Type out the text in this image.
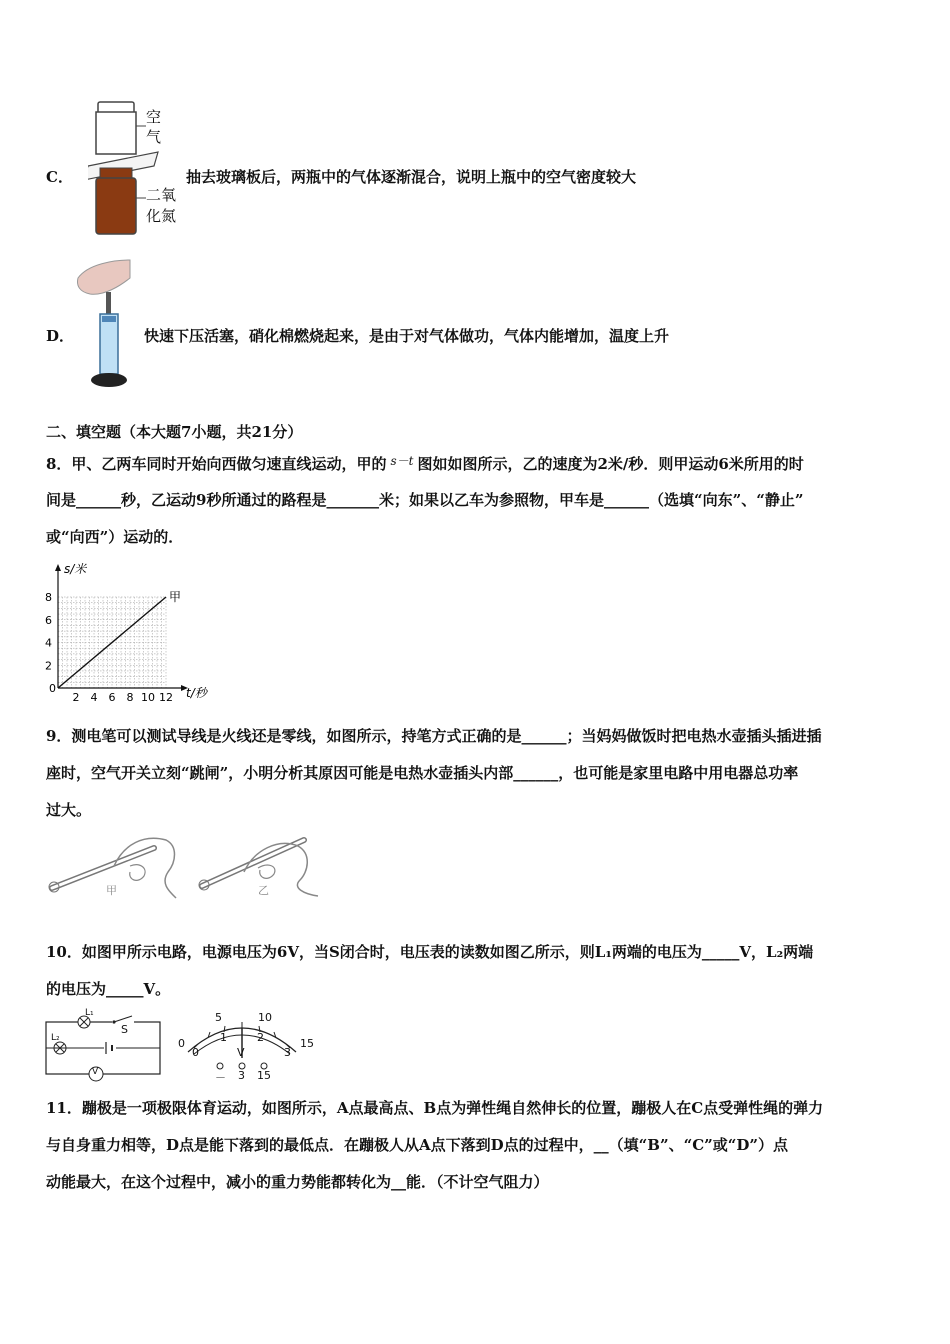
空
气
二氧
化氮
C．	抽去玻璃板后，两瓶中的气体逐渐混合，说明上瓶中的空气密度较大
D．	快速下压活塞，硝化棉燃烧起来，是由于对气体做功，气体内能增加，温度上升
二、填空题（本大题7小题，共21分）
8．甲、乙两车同时开始向西做匀速直线运动，甲的 $^{s-t}$ 图如如图所示，乙的速度为2米/秒．则甲运动6米所用的时
间是______秒，乙运动9秒所通过的路程是_______米；如果以乙车为参照物，甲车是______（选填“向东”、“静止”
或“向西”）运动的．
2 4 6 8 10 12
2
4
6
8	甲
0
s/米
t/秒
9．测电笔可以测试导线是火线还是零线，如图所示，持笔方式正确的是______；当妈妈做饭时把电热水壶插头插进插
座时，空气开关立刻“跳闸”，小明分析其原因可能是电热水壶插头内部______，也可能是家里电路中用电器总功率
过大。
甲	乙
10．如图甲所示电路，电源电压为6V，当S闭合时，电压表的读数如图乙所示，则L₁两端的电压为_____V，L₂两端
的电压为_____V。
L₁
S
L₂
V
0
5	10
15
0
1	2
3
V
－ 3 15
11．蹦极是一项极限体育运动，如图所示，A点最高点、B点为弹性绳自然伸长的位置，蹦极人在C点受弹性绳的弹力
与自身重力相等，D点是能下落到的最低点．在蹦极人从A点下落到D点的过程中，__（填“B”、“C”或“D”）点
动能最大，在这个过程中，减小的重力势能都转化为__能．（不计空气阻力）
